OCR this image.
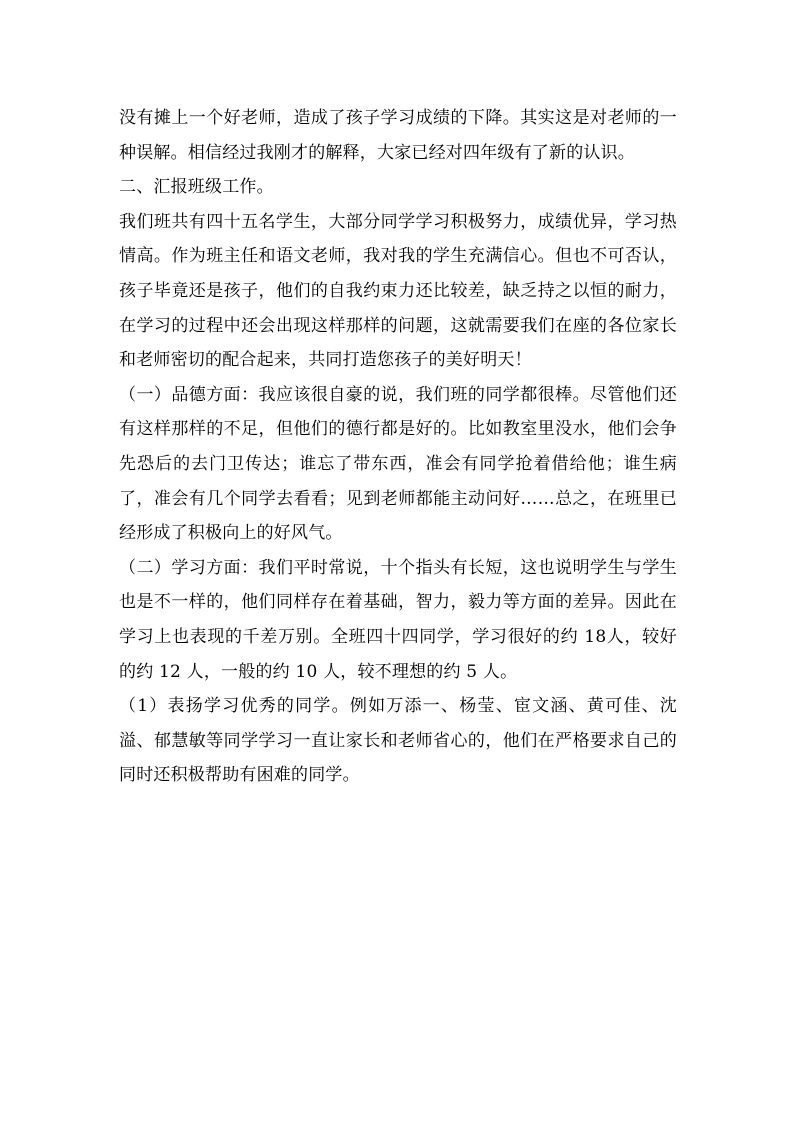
没有摊上一个好老师，造成了孩子学习成绩的下降。其实这是对老师的一种误解。相信经过我刚才的解释，大家已经对四年级有了新的认识。

二、汇报班级工作。

我们班共有四十五名学生，大部分同学学习积极努力，成绩优异，学习热情高。作为班主任和语文老师，我对我的学生充满信心。但也不可否认，孩子毕竟还是孩子，他们的自我约束力还比较差，缺乏持之以恒的耐力，在学习的过程中还会出现这样那样的问题，这就需要我们在座的各位家长和老师密切的配合起来，共同打造您孩子的美好明天！

（一）品德方面：我应该很自豪的说，我们班的同学都很棒。尽管他们还有这样那样的不足，但他们的德行都是好的。比如教室里没水，他们会争先恐后的去门卫传达；谁忘了带东西，准会有同学抢着借给他；谁生病了，准会有几个同学去看看；见到老师都能主动问好……总之，在班里已经形成了积极向上的好风气。

（二）学习方面：我们平时常说，十个指头有长短，这也说明学生与学生也是不一样的，他们同样存在着基础，智力，毅力等方面的差异。因此在学习上也表现的千差万别。全班四十四同学，学习很好的约 18人，较好的约 12 人，一般的约 10 人，较不理想的约 5 人。

（1）表扬学习优秀的同学。例如万添一、杨莹、宦文涵、黄可佳、沈溢、郁慧敏等同学学习一直让家长和老师省心的，他们在严格要求自己的同时还积极帮助有困难的同学。
